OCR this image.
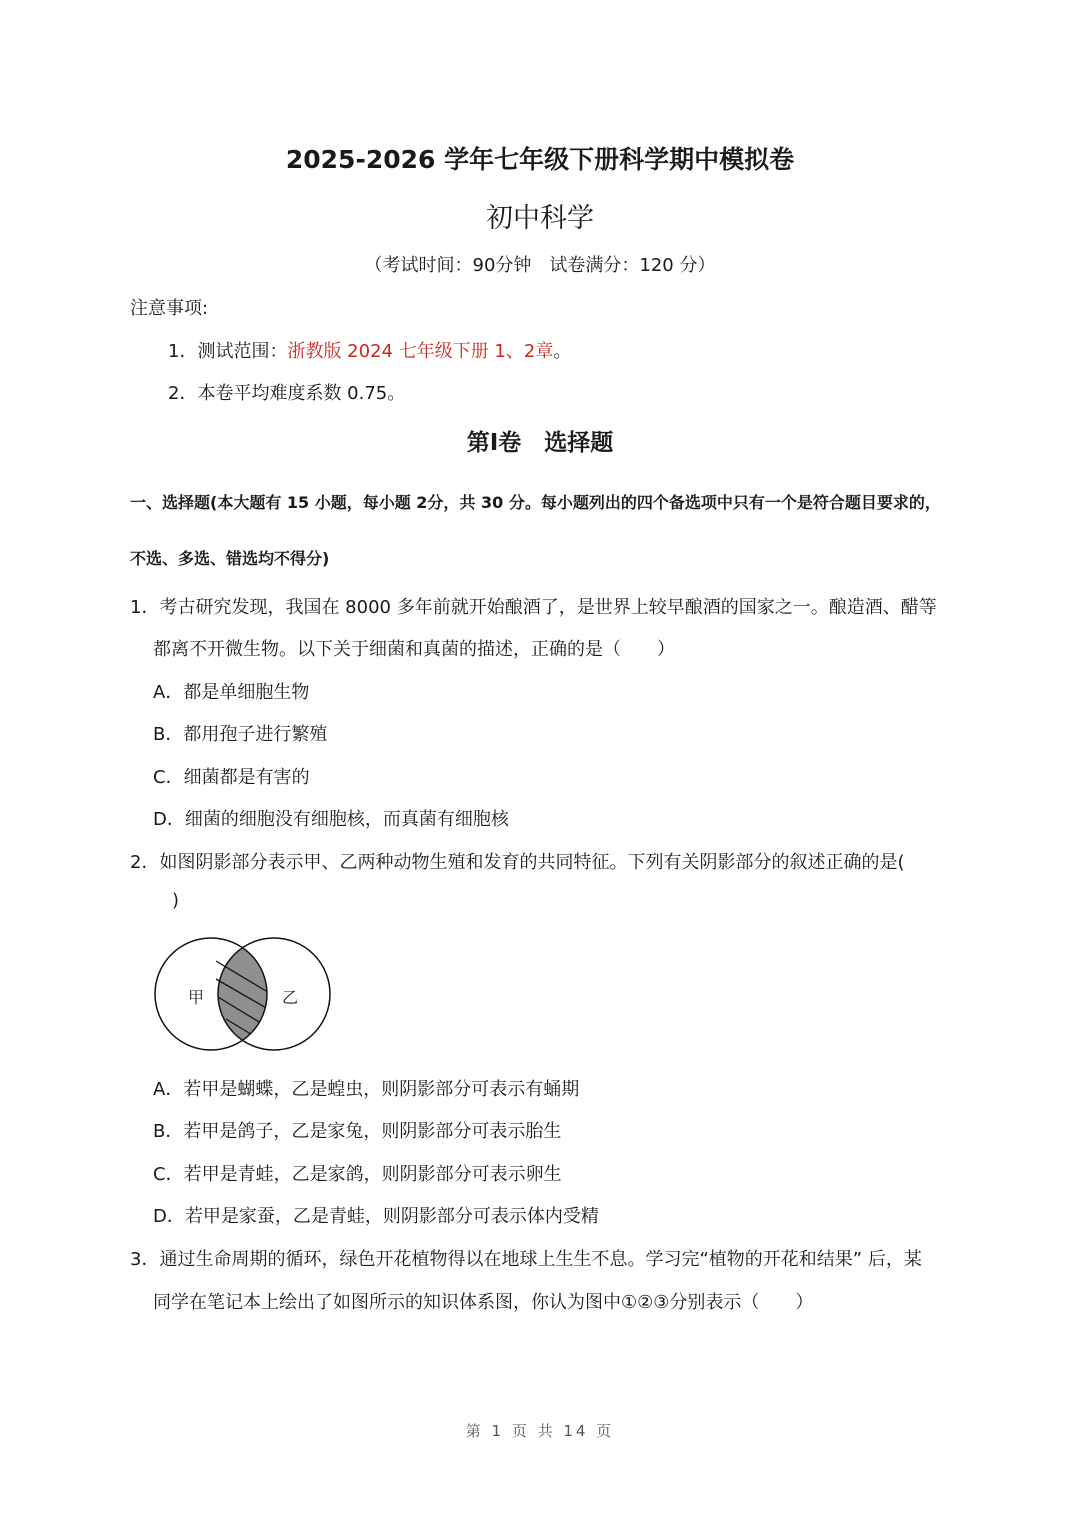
2025-2026 学年七年级下册科学期中模拟卷
初中科学
（考试时间：90分钟　试卷满分：120 分）
注意事项:
1．测试范围：浙教版 2024 七年级下册 1、2章。
2．本卷平均难度系数 0.75。
第Ⅰ卷　选择题
一、选择题(本大题有 15 小题，每小题 2分，共 30 分。每小题列出的四个备选项中只有一个是符合题目要求的，
不选、多选、错选均不得分)
1．考古研究发现，我国在 8000 多年前就开始酿酒了，是世界上较早酿酒的国家之一。酿造酒、醋等
都离不开微生物。以下关于细菌和真菌的描述，正确的是（　　）
A．都是单细胞生物
B．都用孢子进行繁殖
C．细菌都是有害的
D．细菌的细胞没有细胞核，而真菌有细胞核
2．如图阴影部分表示甲、乙两种动物生殖和发育的共同特征。下列有关阴影部分的叙述正确的是(
)
甲	乙
A．若甲是蝴蝶，乙是蝗虫，则阴影部分可表示有蛹期
B．若甲是鸽子，乙是家兔，则阴影部分可表示胎生
C．若甲是青蛙，乙是家鸽，则阴影部分可表示卵生
D．若甲是家蚕，乙是青蛙，则阴影部分可表示体内受精
3．通过生命周期的循环，绿色开花植物得以在地球上生生不息。学习完“植物的开花和结果” 后，某
同学在笔记本上绘出了如图所示的知识体系图，你认为图中①②③分别表示（　　）
第 1 页 共 14 页
